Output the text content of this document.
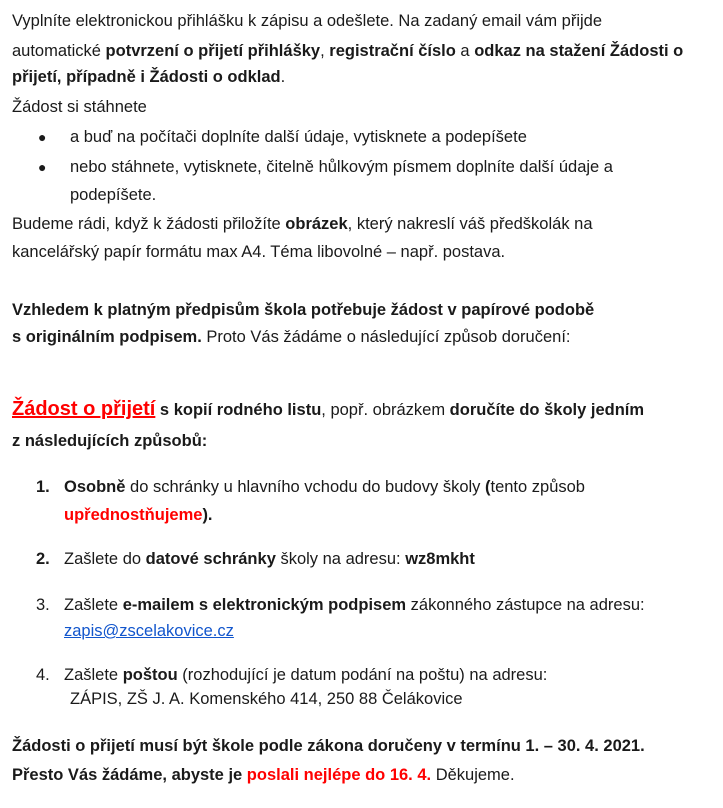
Vyplníte elektronickou přihlášku k zápisu a odešlete. Na zadaný email vám přijde
automatické potvrzení o přijetí přihlášky, registrační číslo a odkaz na stažení Žádosti o
přijetí, případně i Žádosti o odklad.
Žádost si stáhnete
● a buď na počítači doplníte další údaje, vytisknete a podepíšete
● nebo stáhnete, vytisknete, čitelně hůlkovým písmem doplníte další údaje a
podepíšete.
Budeme rádi, když k žádosti přiložíte obrázek, který nakreslí váš předškolák na
kancelářský papír formátu max A4. Téma libovolné – např. postava.
Vzhledem k platným předpisům škola potřebuje žádost v papírové podobě
s originálním podpisem. Proto Vás žádáme o následující způsob doručení:
Žádost o přijetí s kopií rodného listu, popř. obrázkem doručíte do školy jedním
z následujících způsobů:
1. Osobně do schránky u hlavního vchodu do budovy školy (tento způsob
upřednostňujeme).
2. Zašlete do datové schránky školy na adresu: wz8mkht
3. Zašlete e-mailem s elektronickým podpisem zákonného zástupce na adresu:
zapis@zscelakovice.cz
4. Zašlete poštou (rozhodující je datum podání na poštu) na adresu:
ZÁPIS, ZŠ J. A. Komenského 414, 250 88 Čelákovice
Žádosti o přijetí musí být škole podle zákona doručeny v termínu 1. – 30. 4. 2021.
Přesto Vás žádáme, abyste je poslali nejlépe do 16. 4. Děkujeme.
